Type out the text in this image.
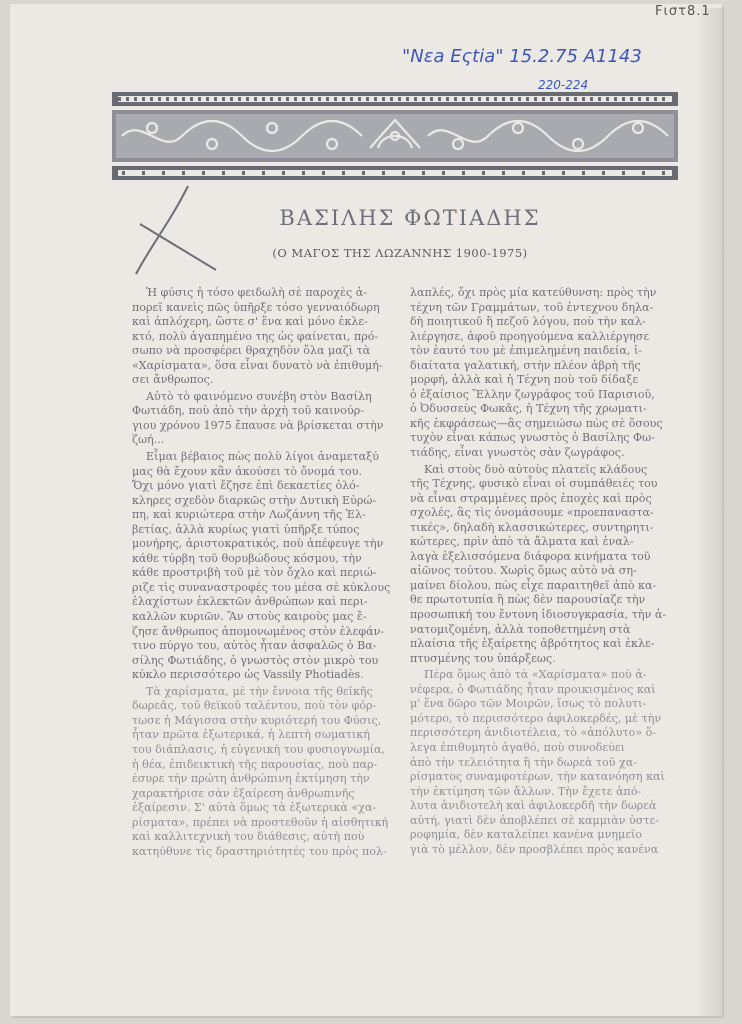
Fιστ8.1
"Nεa Eςtia" 15.2.75 A1143
220-224
ΒΑΣΙΛΗΣ ΦΩΤΙΑΔΗΣ
(Ο ΜΑΓΟΣ ΤΗΣ ΛΩΖΑΝΝΗΣ 1900-1975)

Ἡ φύσις ἡ τόσο φειδωλὴ σὲ παροχὲς ἀ-
πορεῖ κανεὶς πῶς ὑπῆρξε τόσο γενναιόδωρη
καὶ ἀπλόχερη, ὥστε σ' ἕνα καὶ μόνο ἐκλε-
κτό, πολὺ ἀγαπημένο της ὡς φαίνεται, πρό-
σωπο νὰ προσφέρει θραχηδὸν ὅλα μαζὶ τὰ
«Χαρίσματα», ὅσα εἶναι δυνατὸ νὰ ἐπιθυμή-
σει ἄνθρωπος.

Αὐτὸ τὸ φαινόμενο συνέβη στὸν Βασίλη
Φωτιάδη, ποὺ ἀπὸ τὴν ἀρχὴ τοῦ καινούρ-
γιου χρόνου 1975 ἔπαυσε νὰ βρίσκεται στὴν
ζωή...

Εἶμαι βέβαιος πὼς πολὺ λίγοι ἀναμεταξύ
μας θὰ ἔχουν κἂν ἀκούσει τὸ ὄνομά του.
Ὄχι μόνο γιατὶ ἔζησε ἐπὶ δεκαετίες ὁλό-
κληρες σχεδὸν διαρκῶς στὴν Δυτικὴ Εὐρώ-
πη, καὶ κυριώτερα στὴν Λωζάννη τῆς Ἑλ-
βετίας, ἀλλὰ κυρίως γιατὶ ὑπῆρξε τύπος
μονήρης, ἀριστοκρατικός, ποὺ ἀπέφευγε τὴν
κάθε τύρβη τοῦ θορυβώδους κόσμου, τὴν
κάθε προστριβὴ τοῦ μὲ τὸν ὄχλο καὶ περιώ-
ριζε τὶς συναναστροφές του μέσα σὲ κύκλους
ἐλαχίστων ἐκλεκτῶν ἀνθρώπων καὶ περι-
καλλῶν κυριῶν. Ἂν στοὺς καιροὺς μας ἔ-
ζησε ἄνθρωπος ἀπομονωμένος στὸν ἐλεφάν-
τινο πύργο του, αὐτὸς ἦταν ἀσφαλῶς ὁ Βα-
σίλης Φωτιάδης, ὁ γνωστὸς στὸν μικρὸ του
κύκλο περισσότερο ὡς Vassily Photiadès.

Τὰ χαρίσματα, μὲ τὴν ἔννοια τῆς θεϊκῆς
δωρεᾶς, τοῦ θεϊκοῦ ταλέντου, ποὺ τὸν φόρ-
τωσε ἡ Μάγισσα στὴν κυριότερή του Φύσις,
ἦταν πρῶτα ἐξωτερικά, ἡ λεπτὴ σωματική
του διάπλασις, ἡ εὐγενικὴ του φυσιογνωμία,
ἡ θέα, ἐπιδεικτικὴ τῆς παρουσίας, ποὺ παρ-
έσυρε τὴν πρώτη ἀνθρώπινη ἐκτίμηση τὴν
χαρακτήρισε σὰν ἐξαίρεση ἀνθρωπινῆς
ἐξαίρεσιν. Σ' αὐτὰ ὅμως τὰ ἐξωτερικὰ «χα-
ρίσματα», πρέπει νὰ προστεθοῦν ἡ αἰσθητική
καὶ καλλιτεχνικὴ του διάθεσις, αὐτὴ ποὺ
κατηύθυνε τὶς δραστηριότητές του πρὸς πολ-

λαπλές, ὄχι πρὸς μία κατεύθυνση: πρὸς τὴν
τέχνη τῶν Γραμμάτων, τοῦ ἐντεχνου δηλα-
δὴ ποιητικοῦ ἢ πεζοῦ λόγου, ποὺ τὴν καλ-
λιέργησε, ἀφοῦ προηγούμενα καλλιέργησε
τὸν ἑαυτό του μὲ ἐπιμελημένη παιδεία, ἰ-
διαίτατα γαλατική, στὴν πλέον ἀβρὴ τῆς
μορφή, ἀλλὰ καὶ ἡ Τέχνη ποὺ τοῦ δίδαξε
ὁ ἐξαίσιος Ἕλλην ζωγράφος τοῦ Παρισιοῦ,
ὁ Ὀδυσσεὺς Φωκᾶς, ἡ Τέχνη τῆς χρωματι-
κῆς ἐκφράσεως—ἂς σημειώσω πὼς σὲ ὅσους
τυχὸν εἶναι κάπως γνωστὸς ὁ Βασίλης Φω-
τιάδης, εἶναι γνωστὸς σὰν ζωγράφος.

Καὶ στοὺς δυὸ αὐτοὺς πλατεῖς κλάδους
τῆς Τέχνης, φυσικὸ εἶναι οἱ συμπάθειές του
νὰ εἶναι στραμμένες πρὸς ἐποχὲς καὶ πρὸς
σχολές, ἂς τὶς ὀνομάσουμε «προεπαναστα-
τικές», δηλαδὴ κλασσικώτερες, συντηρητι-
κώτερες, πρὶν ἀπὸ τὰ ἄλματα καὶ ἐναλ-
λαγὰ ἐξελισσόμενα διάφορα κινήματα τοῦ
αἰῶνος τούτου. Χωρὶς ὅμως αὐτὸ νὰ ση-
μαίνει δίολου, πὼς εἶχε παραιτηθεῖ ἀπὸ κα-
θε πρωτοτυπία ἢ πὼς δὲν παρουσίαζε τὴν
προσωπική του ἔντονη ἰδιοσυγκρασία, τὴν ἀ-
νατομιζομένη, ἀλλὰ τοποθετημένη στὰ
πλαίσια τῆς ἐξαίρετης ἀβρότητος καὶ ἐκλε-
πτυσμένης του ὑπάρξεως.

Πέρα ὅμως ἀπὸ τὰ «Χαρίσματα» ποὺ ἀ-
νέφερα, ὁ Φωτιάδης ἦταν προικισμένος καὶ
μ' ἕνα δῶρο τῶν Μοιρῶν, ἴσως τὸ πολυτι-
μότερο, τὸ περισσότερο ἀφιλοκερδές, μὲ τὴν
περισσότερη ἀνιδιοτέλεια, τὸ «ἀπόλυτο» ὅ-
λεγα ἐπιθυμητὸ ἀγαθό, ποὺ συνοδεύει
ἀπὸ τὴν τελειότητα ἢ τὴν δωρεὰ τοῦ χα-
ρίσματος συναμφοτέρων, τὴν κατανόηση καὶ
τὴν ἐκτίμηση τῶν ἄλλων. Τὴν ἔχετε ἀπό-
λυτα ἀνιδιοτελὴ καὶ ἀφιλοκερδῆ τὴν δωρεὰ
αὐτή, γιατὶ δὲν ἀποβλέπει σὲ καμμιὰν ὑστε-
ροφημία, δὲν καταλείπει κανένα μνημεῖο
γιὰ τὸ μέλλον, δὲν προσβλέπει πρὸς κανένα
